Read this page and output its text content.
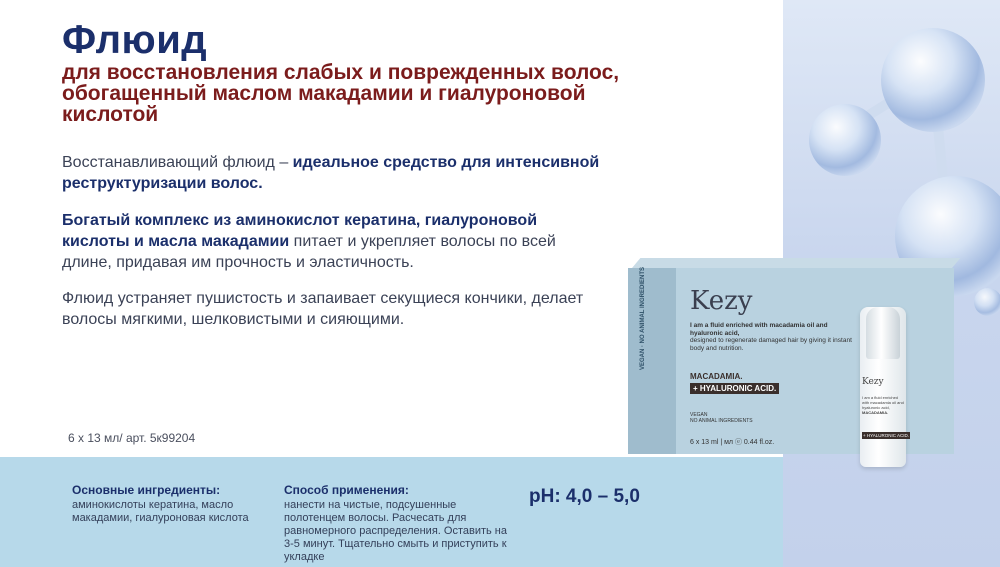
Флюид
для восстановления слабых и поврежденных волос, обогащенный маслом макадамии и гиалуроновой кислотой
Восстанавливающий флюид – идеальное средство для интенсивной реструктуризации волос.
Богатый комплекс из аминокислот кератина, гиалуроновой кислоты и масла макадамии питает и укрепляет волосы по всей длине, придавая им прочность и эластичность.
Флюид устраняет пушистость и запаивает секущиеся кончики, делает волосы мягкими, шелковистыми и сияющими.
6 x 13 мл/ арт. 5к99204
VEGAN · NO ANIMAL INGREDIENTS Kezy
I am a fluid enriched with macadamia oil and hyaluronic acid,
designed to regenerate damaged hair by giving it instant body and nutrition.
MACADAMIA.
+ HYALURONIC ACID.
VEGAN
NO ANIMAL INGREDIENTS
6 x 13 ml | мл ⓔ 0.44 fl.oz.
Kezy
I am a fluid enriched with macadamia oil and hyaluronic acid,
MACADAMIA.
+ HYALURONIC ACID.
Основные ингредиенты:
аминокислоты кератина, масло макадамии, гиалуроновая кислота
Способ применения:
нанести на чистые, подсушенные полотенцем волосы. Расчесать для равномерного распределения. Оставить на 3-5 минут. Тщательно смыть и приступить к укладке
pH: 4,0 – 5,0
